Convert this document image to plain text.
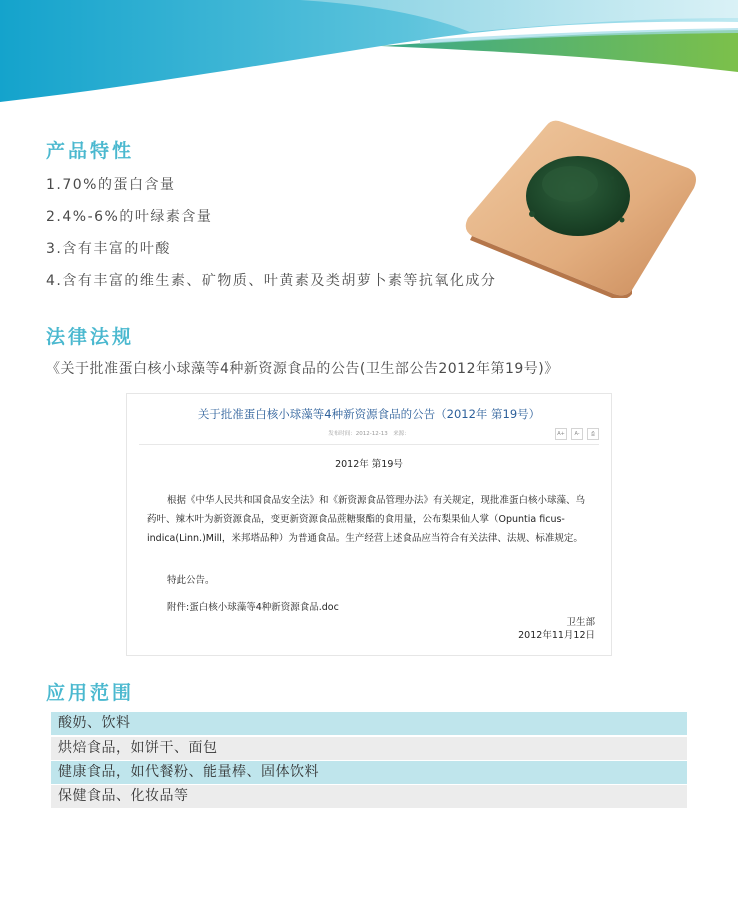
产品特性
1.70%的蛋白含量
2.4%-6%的叶绿素含量
3.含有丰富的叶酸
4.含有丰富的维生素、矿物质、叶黄素及类胡萝卜素等抗氧化成分
法律法规
《关于批准蛋白核小球藻等4种新资源食品的公告(卫生部公告2012年第19号)》
关于批准蛋白核小球藻等4种新资源食品的公告（2012年 第19号）
发布时间：2012-12-13　来源：	A+	A-	⎙
2012年 第19号
根据《中华人民共和国食品安全法》和《新资源食品管理办法》有关规定，现批准蛋白核小球藻、乌药叶、辣木叶为新资源食品，变更新资源食品蔗糖聚酯的食用量，公布梨果仙人掌（Opuntia ficus-indica(Linn.)Mill，米邦塔品种）为普通食品。生产经营上述食品应当符合有关法律、法规、标准规定。
特此公告。
附件:蛋白核小球藻等4种新资源食品.doc
卫生部
2012年11月12日
应用范围
酸奶、饮料
烘焙食品，如饼干、面包
健康食品，如代餐粉、能量棒、固体饮料
保健食品、化妆品等
